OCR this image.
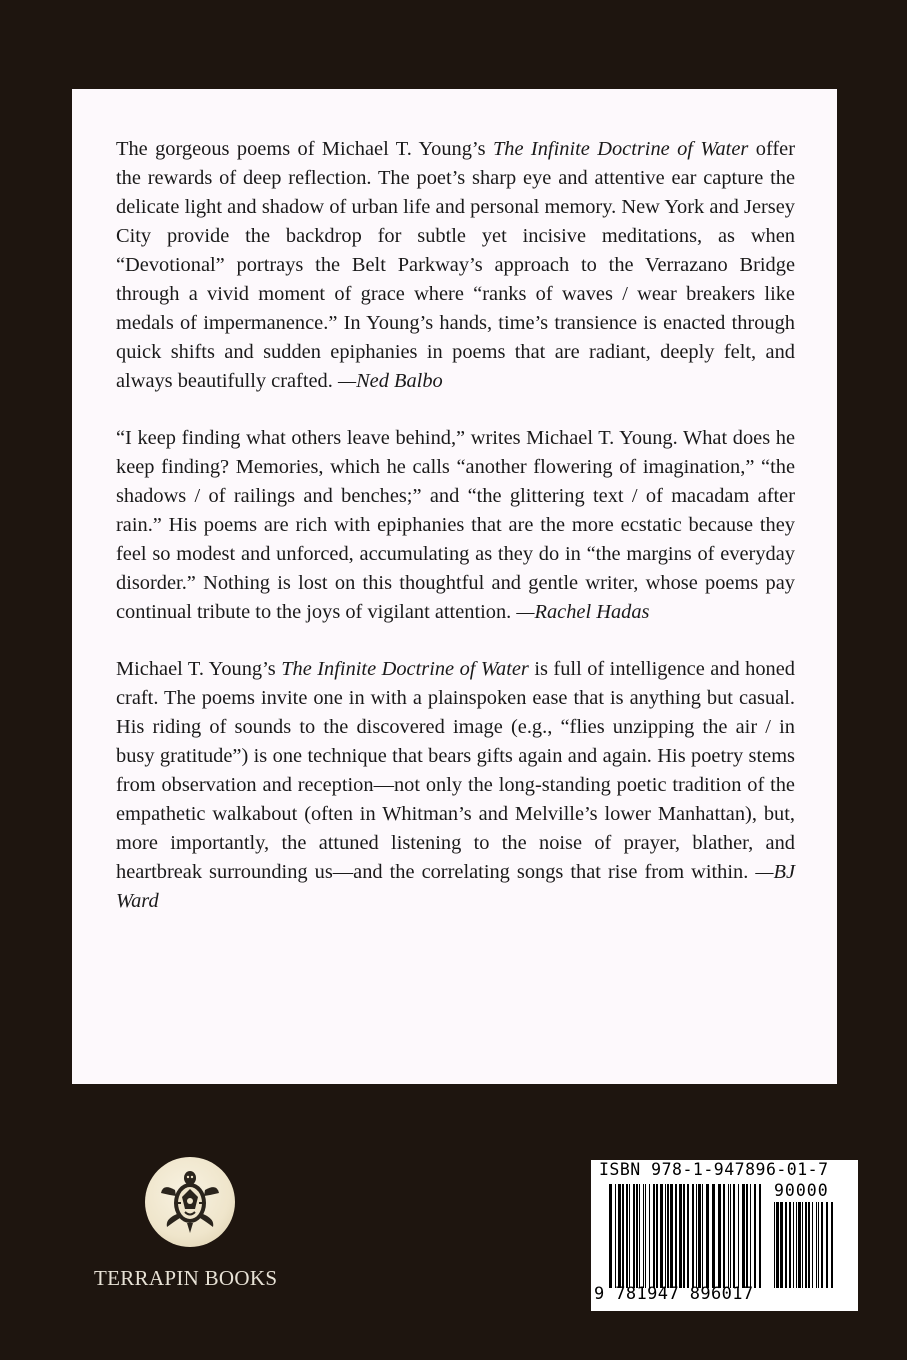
The gorgeous poems of Michael T. Young’s The Infinite Doctrine of Water offer the rewards of deep reflection. The poet’s sharp eye and attentive ear capture the delicate light and shadow of urban life and personal memory. New York and Jersey City provide the backdrop for subtle yet incisive meditations, as when “Devotional” portrays the Belt Parkway’s approach to the Verrazano Bridge through a vivid moment of grace where “ranks of waves / wear breakers like medals of impermanence.” In Young’s hands, time’s transience is enacted through quick shifts and sudden epiphanies in poems that are radiant, deeply felt, and always beautifully crafted. —Ned Balbo

“I keep finding what others leave behind,” writes Michael T. Young. What does he keep finding? Memories, which he calls “another flowering of imagination,” “the shadows / of railings and benches;” and “the glittering text / of macadam after rain.” His poems are rich with epiphanies that are the more ecstatic because they feel so modest and unforced, accumulating as they do in “the margins of everyday disorder.” Nothing is lost on this thoughtful and gentle writer, whose poems pay continual tribute to the joys of vigilant attention. —Rachel Hadas

Michael T. Young’s The Infinite Doctrine of Water is full of intelligence and honed craft. The poems invite one in with a plainspoken ease that is anything but casual. His riding of sounds to the discovered image (e.g., “flies unzipping the air / in busy gratitude”) is one technique that bears gifts again and again. His poetry stems from observation and reception—not only the long-standing poetic tradition of the empathetic walkabout (often in Whitman’s and Melville’s lower Manhattan), but, more importantly, the attuned listening to the noise of prayer, blather, and heartbreak surrounding us—and the correlating songs that rise from within. —BJ Ward

TERRAPIN BOOKS
ISBN 978-1-947896-01-7
90000
9 781947 896017
